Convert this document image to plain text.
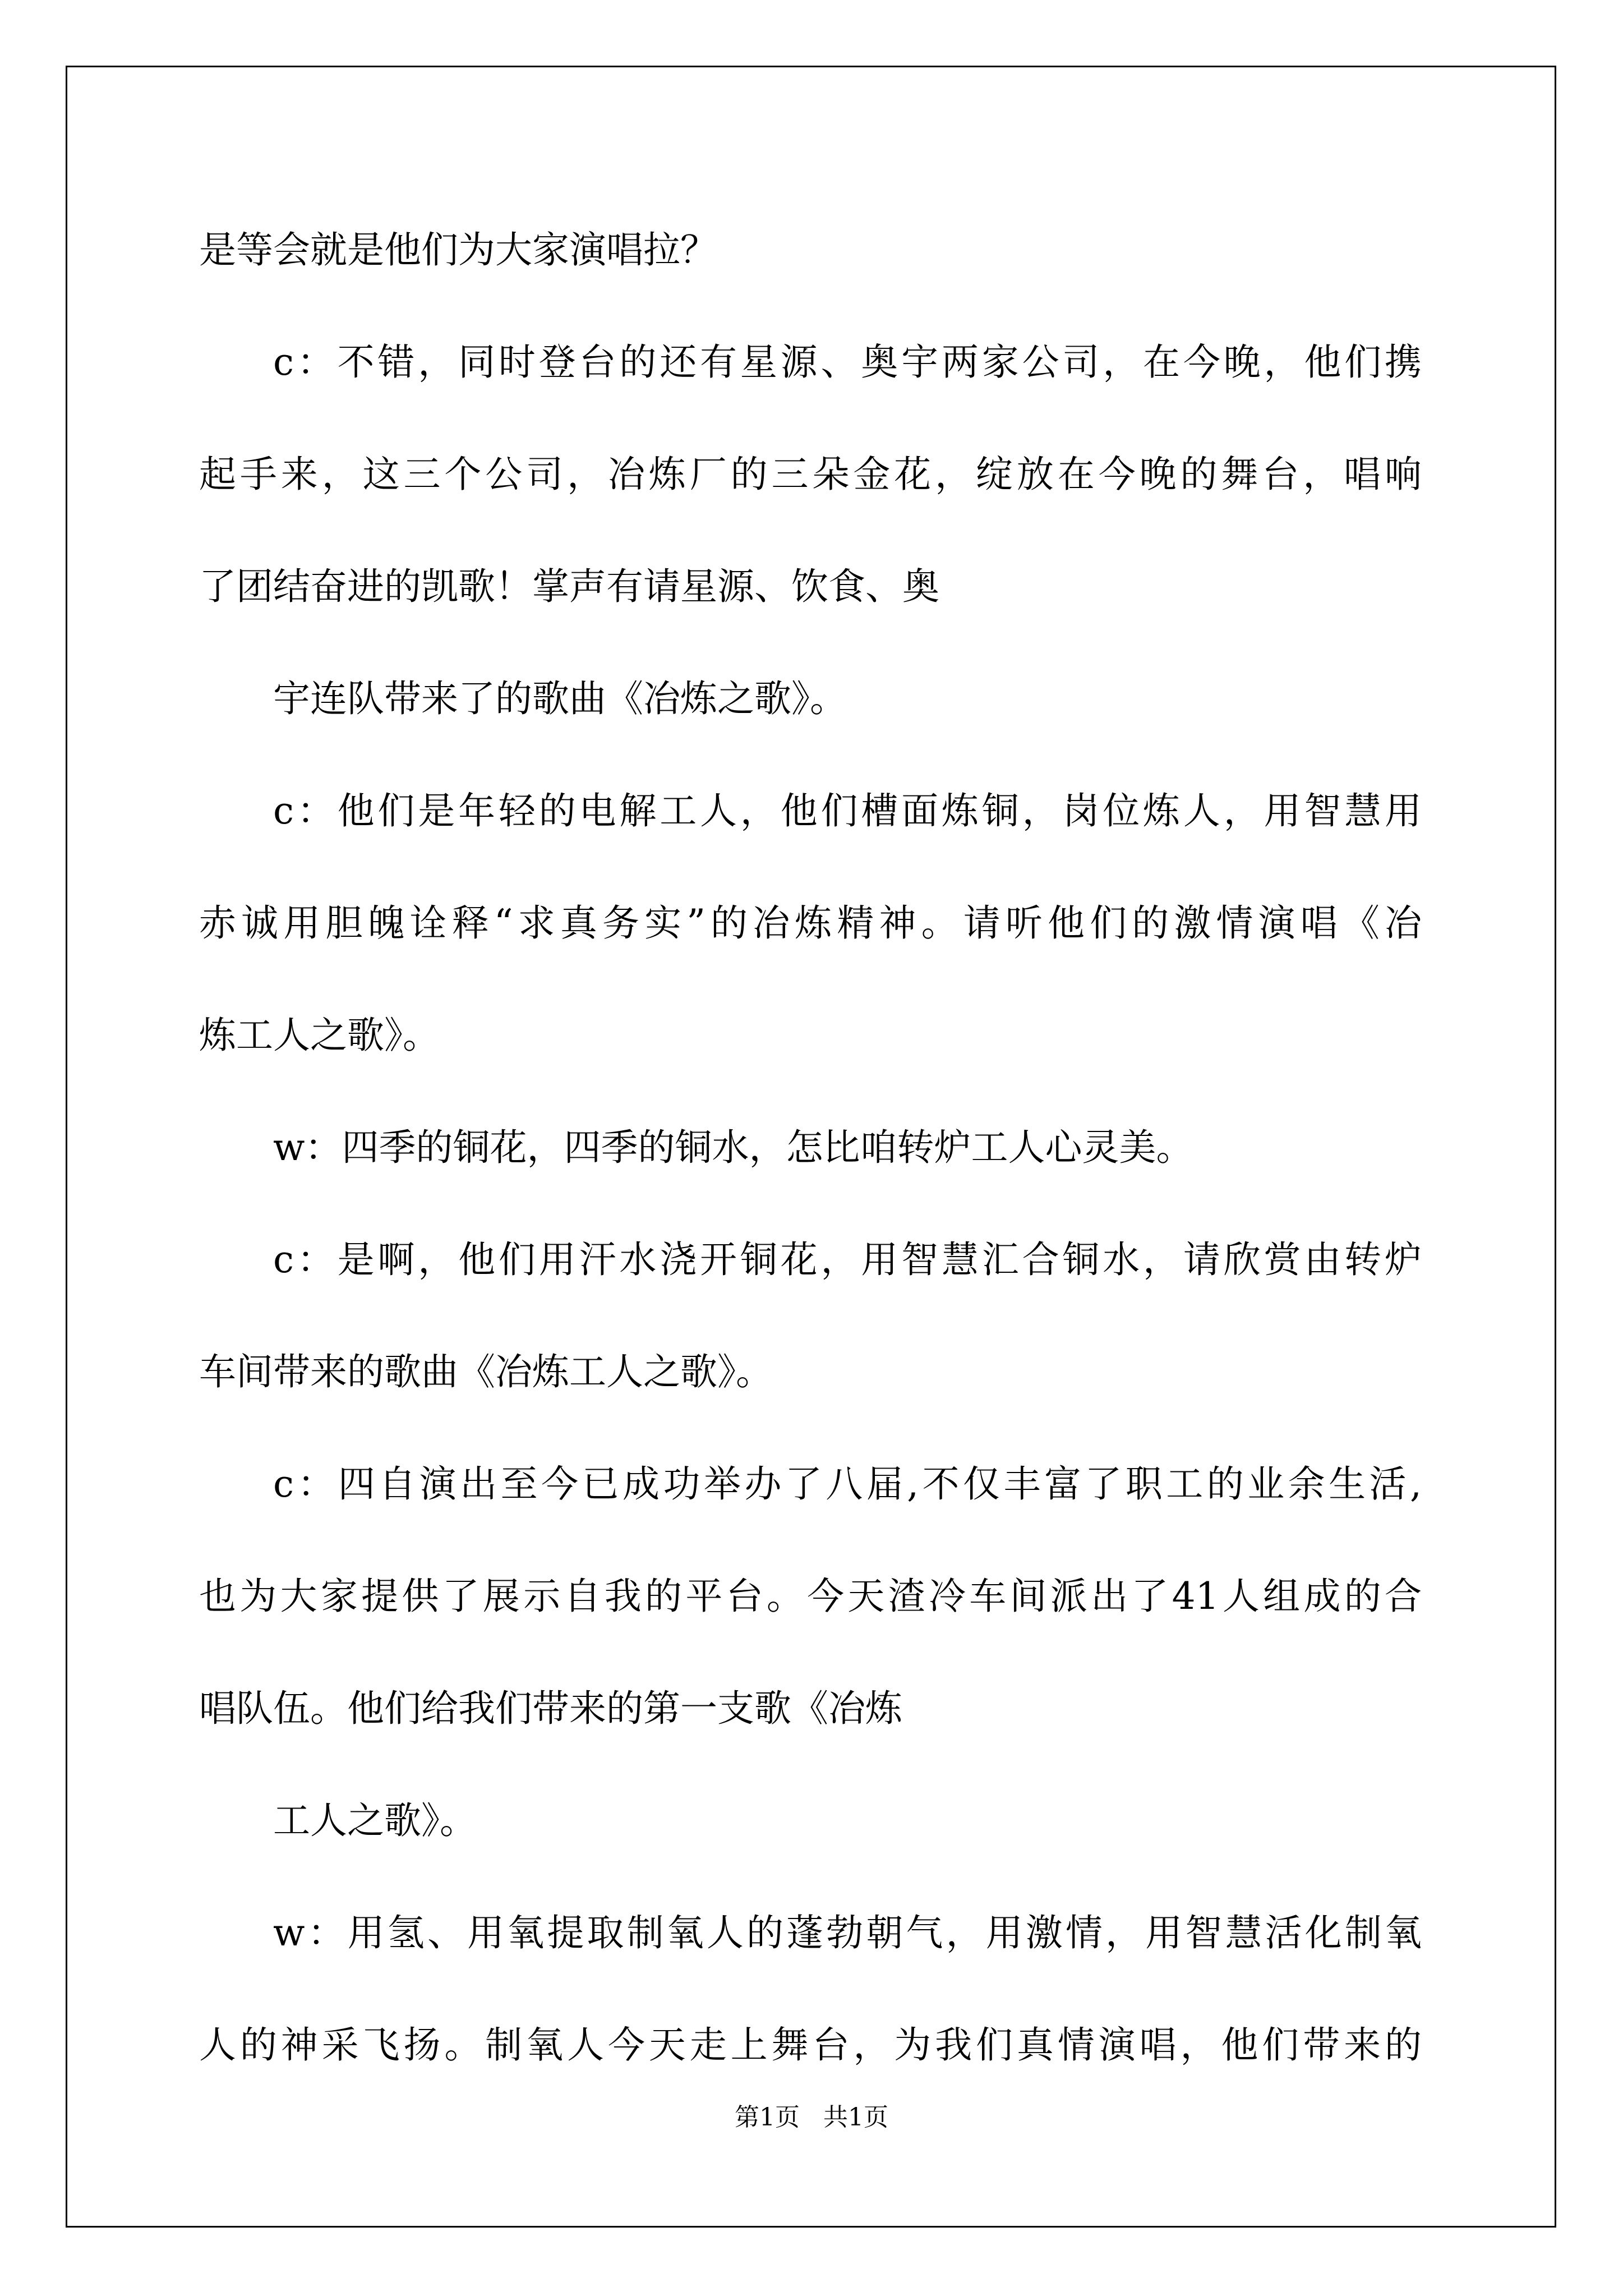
是等会就是他们为大家演唱拉？
c：不错，同时登台的还有星源、奥宇两家公司，在今晚，他们携
起手来，这三个公司，冶炼厂的三朵金花，绽放在今晚的舞台，唱响
了团结奋进的凯歌！掌声有请星源、饮食、奥
宇连队带来了的歌曲《冶炼之歌》。
c：他们是年轻的电解工人，他们槽面炼铜，岗位炼人，用智慧用
赤诚用胆魄诠释“求真务实”的冶炼精神。请听他们的激情演唱《冶
炼工人之歌》。
w：四季的铜花，四季的铜水，怎比咱转炉工人心灵美。
c：是啊，他们用汗水浇开铜花，用智慧汇合铜水，请欣赏由转炉
车间带来的歌曲《冶炼工人之歌》。
c：四自演出至今已成功举办了八届,不仅丰富了职工的业余生活,
也为大家提供了展示自我的平台。今天渣冷车间派出了41人组成的合
唱队伍。他们给我们带来的第一支歌《冶炼
工人之歌》。
w：用氢、用氧提取制氧人的蓬勃朝气，用激情，用智慧活化制氧
人的神采飞扬。制氧人今天走上舞台，为我们真情演唱，他们带来的
第1页 共1页
